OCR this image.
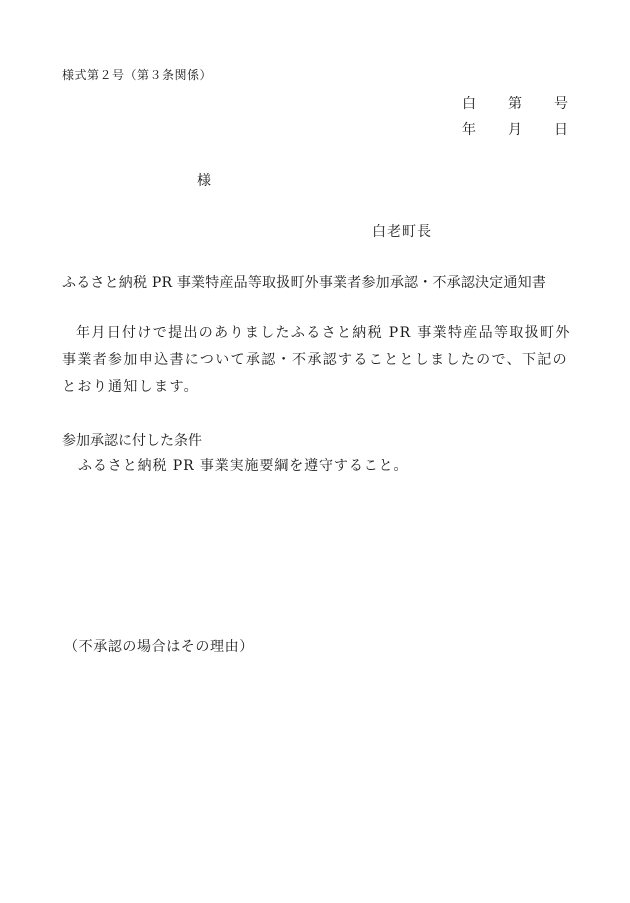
様式第２号（第３条関係）
白 第 号
年 月 日
様
白老町長
ふるさと納税 PR 事業特産品等取扱町外事業者参加承認・不承認決定通知書

年月日付けで提出のありましたふるさと納税 PR 事業特産品等取扱町外事業者参加申込書について承認・不承認することとしましたので、下記のとおり通知します。

参加承認に付した条件
ふるさと納税 PR 事業実施要綱を遵守すること。
（不承認の場合はその理由）
